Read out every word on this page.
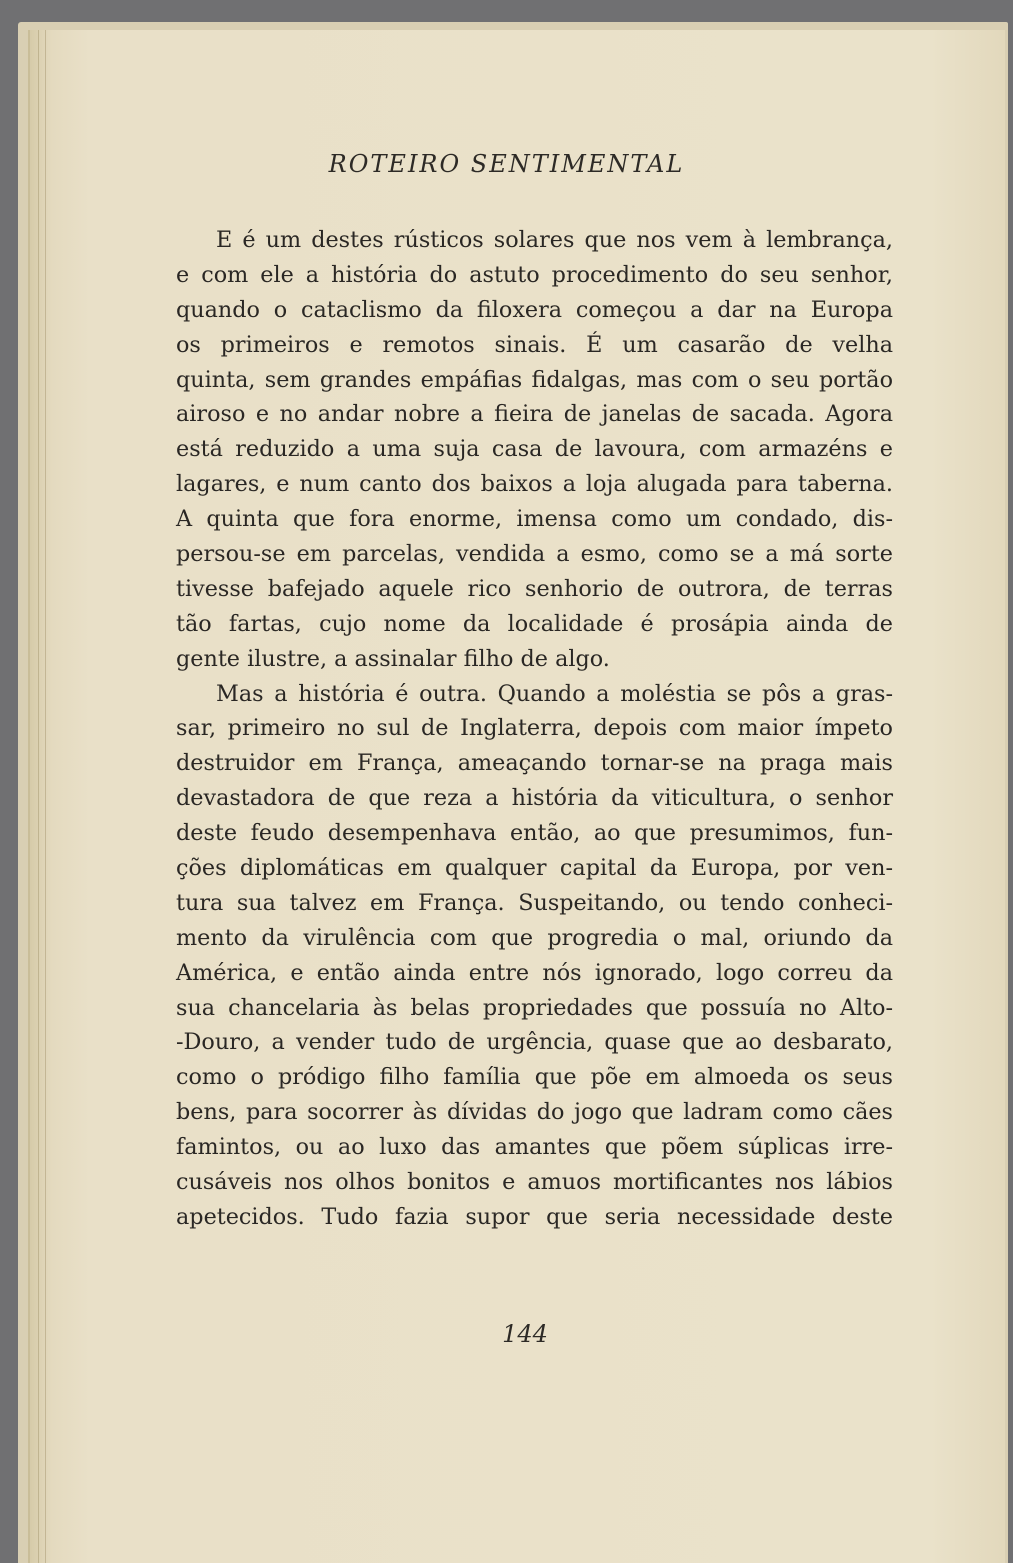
ROTEIRO SENTIMENTAL
E é um destes rústicos solares que nos vem à lembrança,
e com ele a história do astuto procedimento do seu senhor,
quando o cataclismo da filoxera começou a dar na Europa
os primeiros e remotos sinais. É um casarão de velha
quinta, sem grandes empáfias fidalgas, mas com o seu portão
airoso e no andar nobre a fieira de janelas de sacada. Agora
está reduzido a uma suja casa de lavoura, com armazéns e
lagares, e num canto dos baixos a loja alugada para taberna.
A quinta que fora enorme, imensa como um condado, dis-
persou-se em parcelas, vendida a esmo, como se a má sorte
tivesse bafejado aquele rico senhorio de outrora, de terras
tão fartas, cujo nome da localidade é prosápia ainda de
gente ilustre, a assinalar filho de algo.
Mas a história é outra. Quando a moléstia se pôs a gras-
sar, primeiro no sul de Inglaterra, depois com maior ímpeto
destruidor em França, ameaçando tornar-se na praga mais
devastadora de que reza a história da viticultura, o senhor
deste feudo desempenhava então, ao que presumimos, fun-
ções diplomáticas em qualquer capital da Europa, por ven-
tura sua talvez em França. Suspeitando, ou tendo conheci-
mento da virulência com que progredia o mal, oriundo da
América, e então ainda entre nós ignorado, logo correu da
sua chancelaria às belas propriedades que possuía no Alto-
-Douro, a vender tudo de urgência, quase que ao desbarato,
como o pródigo filho família que põe em almoeda os seus
bens, para socorrer às dívidas do jogo que ladram como cães
famintos, ou ao luxo das amantes que põem súplicas irre-
cusáveis nos olhos bonitos e amuos mortificantes nos lábios
apetecidos. Tudo fazia supor que seria necessidade deste
144
